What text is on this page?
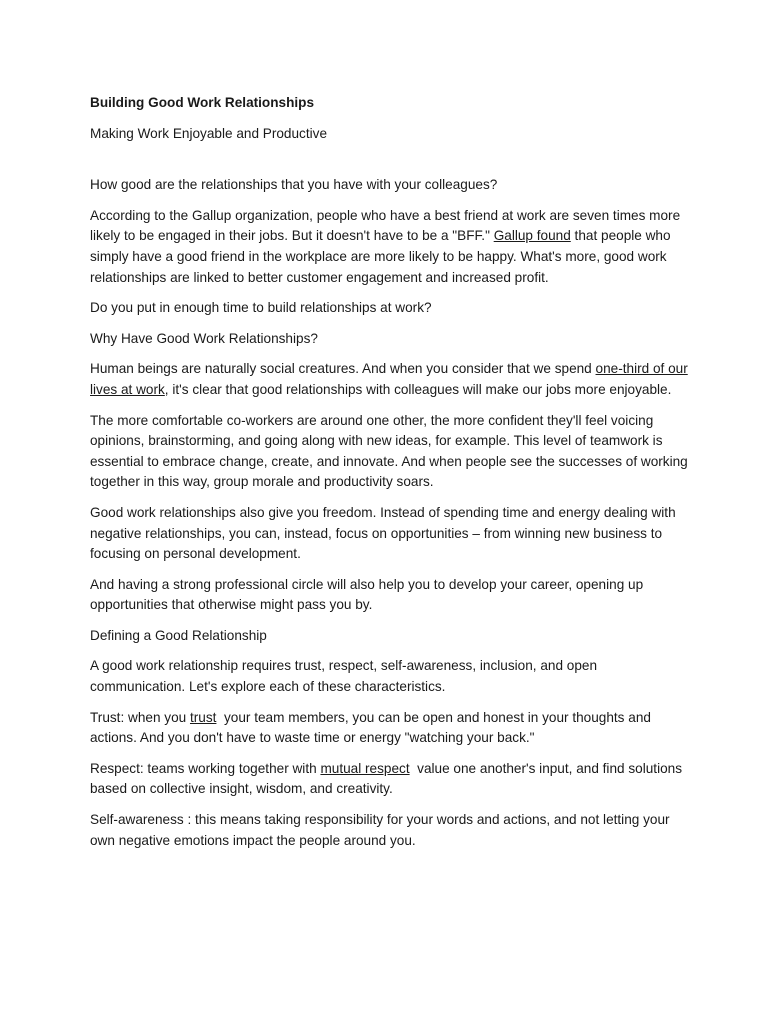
Building Good Work Relationships
Making Work Enjoyable and Productive

How good are the relationships that you have with your colleagues?

According to the Gallup organization, people who have a best friend at work are seven times more likely to be engaged in their jobs. But it doesn't have to be a "BFF." Gallup found that people who simply have a good friend in the workplace are more likely to be happy. What's more, good work relationships are linked to better customer engagement and increased profit.

Do you put in enough time to build relationships at work?

Why Have Good Work Relationships?

Human beings are naturally social creatures. And when you consider that we spend one-third of our lives at work, it's clear that good relationships with colleagues will make our jobs more enjoyable.

The more comfortable co-workers are around one other, the more confident they'll feel voicing opinions, brainstorming, and going along with new ideas, for example. This level of teamwork is essential to embrace change, create, and innovate. And when people see the successes of working together in this way, group morale and productivity soars.

Good work relationships also give you freedom. Instead of spending time and energy dealing with negative relationships, you can, instead, focus on opportunities – from winning new business to focusing on personal development.

And having a strong professional circle will also help you to develop your career, opening up opportunities that otherwise might pass you by.

Defining a Good Relationship

A good work relationship requires trust, respect, self-awareness, inclusion, and open communication. Let's explore each of these characteristics.

Trust: when you trust  your team members, you can be open and honest in your thoughts and actions. And you don't have to waste time or energy "watching your back."

Respect: teams working together with mutual respect  value one another's input, and find solutions based on collective insight, wisdom, and creativity.

Self-awareness : this means taking responsibility for your words and actions, and not letting your own negative emotions impact the people around you.
